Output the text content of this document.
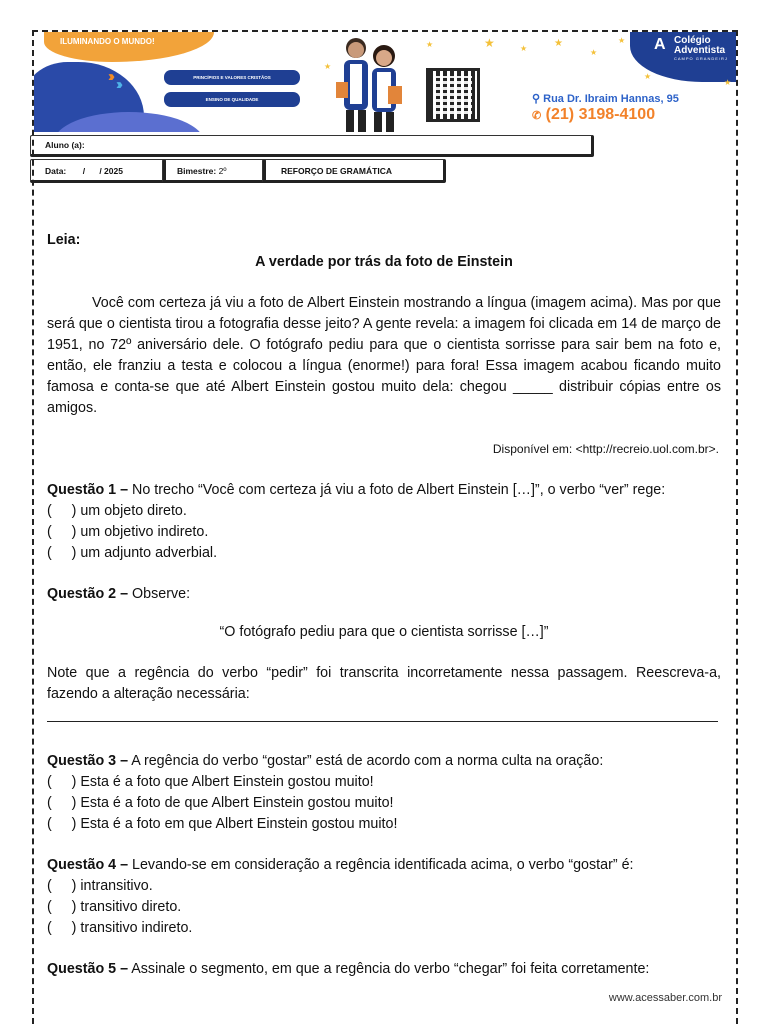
ILUMINANDO O MUNDO!
››› ›››	PRINCÍPIOS E VALORES CRISTÃOS
ENSINO DE QUALIDADE
A Colégio
Adventista
CAMPO GRANDE/RJ
⚲ Rua Dr. Ibraim Hannas, 95
✆ (21) 3198-4100
★
★	★	★	★
★
★
★
★
Aluno (a):
Data: /      / 2025	Bimestre: 2º	REFORÇO DE GRAMÁTICA
Leia:
A verdade por trás da foto de Einstein
Você com certeza já viu a foto de Albert Einstein mostrando a língua (imagem acima). Mas por que será que o cientista tirou a fotografia desse jeito? A gente revela: a imagem foi clicada em 14 de março de 1951, no 72º aniversário dele. O fotógrafo pediu para que o cientista sorrisse para sair bem na foto e, então, ele franziu a testa e colocou a língua (enorme!) para fora! Essa imagem acabou ficando muito famosa e conta-se que até Albert Einstein gostou muito dela: chegou _____ distribuir cópias entre os amigos.
Disponível em: <http://recreio.uol.com.br>.
Questão 1 – No trecho “Você com certeza já viu a foto de Albert Einstein […]”, o verbo “ver” rege:
(     ) um objeto direto.
(     ) um objetivo indireto.
(     ) um adjunto adverbial.
Questão 2 – Observe:
“O fotógrafo pediu para que o cientista sorrisse […]”
Note que a regência do verbo “pedir” foi transcrita incorretamente nessa passagem. Reescreva-a, fazendo a alteração necessária:
Questão 3 – A regência do verbo “gostar” está de acordo com a norma culta na oração:
(     ) Esta é a foto que Albert Einstein gostou muito!
(     ) Esta é a foto de que Albert Einstein gostou muito!
(     ) Esta é a foto em que Albert Einstein gostou muito!
Questão 4 – Levando-se em consideração a regência identificada acima, o verbo “gostar” é:
(     ) intransitivo.
(     ) transitivo direto.
(     ) transitivo indireto.
Questão 5 – Assinale o segmento, em que a regência do verbo “chegar” foi feita corretamente:
www.acessaber.com.br
